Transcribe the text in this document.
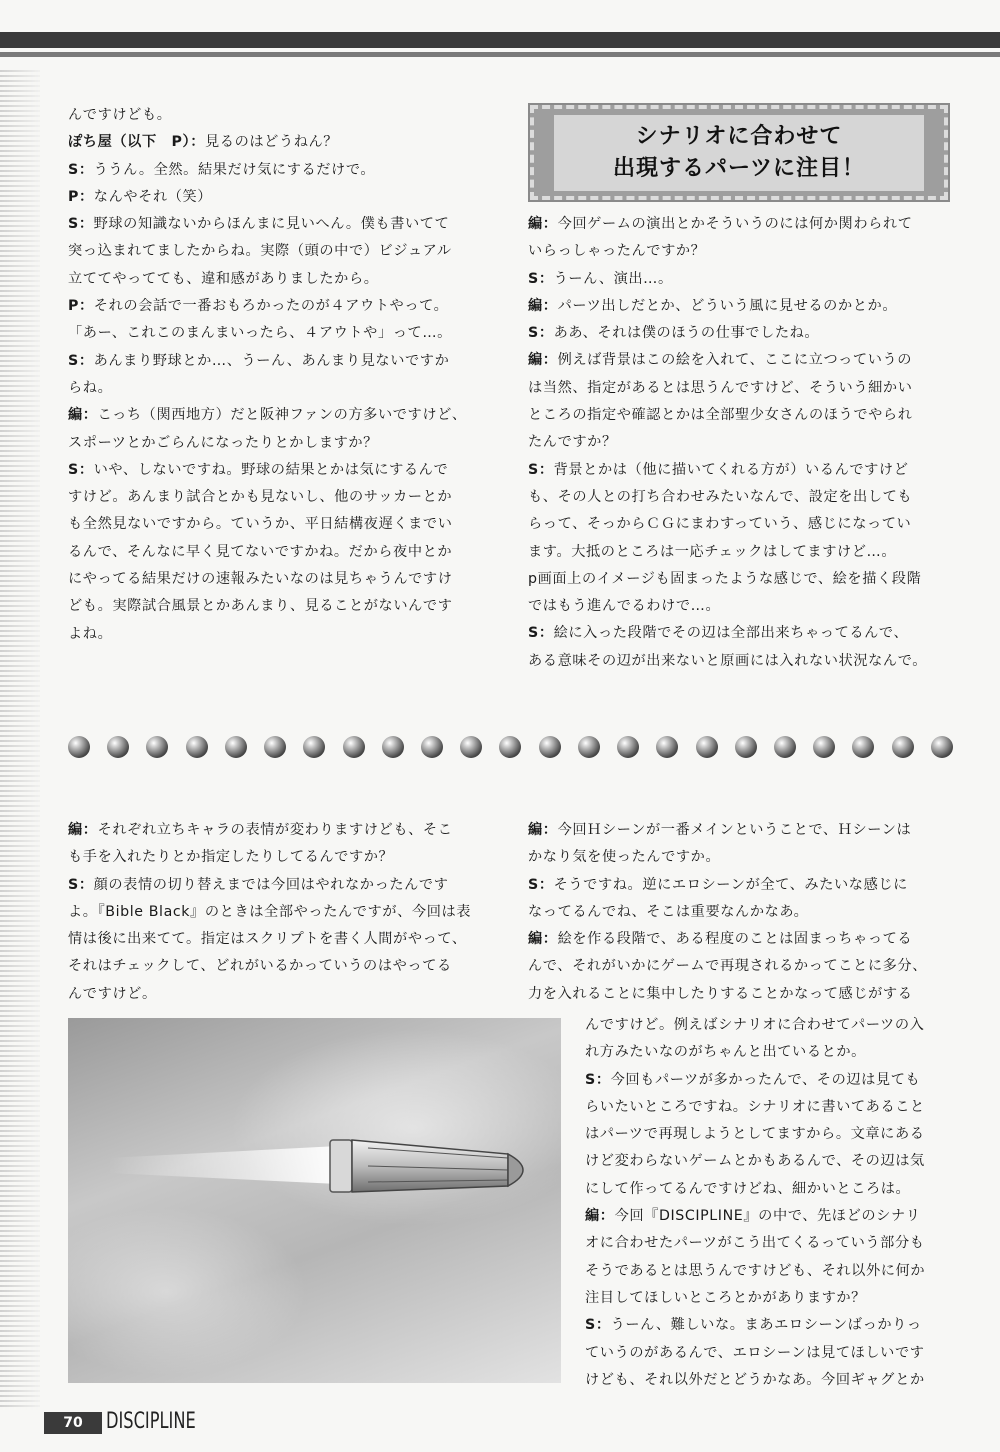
んですけども。

ぽち屋（以下　P）：見るのはどうねん？

S：ううん。全然。結果だけ気にするだけで。

P：なんやそれ（笑）

S：野球の知識ないからほんまに見いへん。僕も書いてて

突っ込まれてましたからね。実際（頭の中で）ビジュアル

立ててやってても、違和感がありましたから。

P：それの会話で一番おもろかったのが４アウトやって。

「あー、これこのまんまいったら、４アウトや」って…。

S：あんまり野球とか…、うーん、あんまり見ないですか

らね。

編：こっち（関西地方）だと阪神ファンの方多いですけど、

スポーツとかごらんになったりとかしますか？

S：いや、しないですね。野球の結果とかは気にするんで

すけど。あんまり試合とかも見ないし、他のサッカーとか

も全然見ないですから。ていうか、平日結構夜遅くまでい

るんで、そんなに早く見てないですかね。だから夜中とか

にやってる結果だけの速報みたいなのは見ちゃうんですけ

ども。実際試合風景とかあんまり、見ることがないんです

よね。

シナリオに合わせて
出現するパーツに注目！

編：今回ゲームの演出とかそういうのには何か関わられて

いらっしゃったんですか？

S：うーん、演出…。

編：パーツ出しだとか、どういう風に見せるのかとか。

S：ああ、それは僕のほうの仕事でしたね。

編：例えば背景はこの絵を入れて、ここに立つっていうの

は当然、指定があるとは思うんですけど、そういう細かい

ところの指定や確認とかは全部聖少女さんのほうでやられ

たんですか？

S：背景とかは（他に描いてくれる方が）いるんですけど

も、その人との打ち合わせみたいなんで、設定を出しても

らって、そっからＣＧにまわすっていう、感じになってい

ます。大抵のところは一応チェックはしてますけど…。

p画面上のイメージも固まったような感じで、絵を描く段階

ではもう進んでるわけで…。

S：絵に入った段階でその辺は全部出来ちゃってるんで、

ある意味その辺が出来ないと原画には入れない状況なんで。

編：それぞれ立ちキャラの表情が変わりますけども、そこ

も手を入れたりとか指定したりしてるんですか？

S：顔の表情の切り替えまでは今回はやれなかったんです

よ。『Bible Black』のときは全部やったんですが、今回は表

情は後に出来てて。指定はスクリプトを書く人間がやって、

それはチェックして、どれがいるかっていうのはやってる

んですけど。

編：今回Ｈシーンが一番メインということで、Ｈシーンは

かなり気を使ったんですか。

S：そうですね。逆にエロシーンが全て、みたいな感じに

なってるんでね、そこは重要なんかなあ。

編：絵を作る段階で、ある程度のことは固まっちゃってる

んで、それがいかにゲームで再現されるかってことに多分、

力を入れることに集中したりすることかなって感じがする

んですけど。例えばシナリオに合わせてパーツの入

れ方みたいなのがちゃんと出ているとか。

S：今回もパーツが多かったんで、その辺は見ても

らいたいところですね。シナリオに書いてあること

はパーツで再現しようとしてますから。文章にある

けど変わらないゲームとかもあるんで、その辺は気

にして作ってるんですけどね、細かいところは。

編：今回『DISCIPLINE』の中で、先ほどのシナリ

オに合わせたパーツがこう出てくるっていう部分も

そうであるとは思うんですけども、それ以外に何か

注目してほしいところとかがありますか？

S：うーん、難しいな。まあエロシーンばっかりっ

ていうのがあるんで、エロシーンは見てほしいです

けども、それ以外だとどうかなあ。今回ギャグとか

70	DISCIPLINE
